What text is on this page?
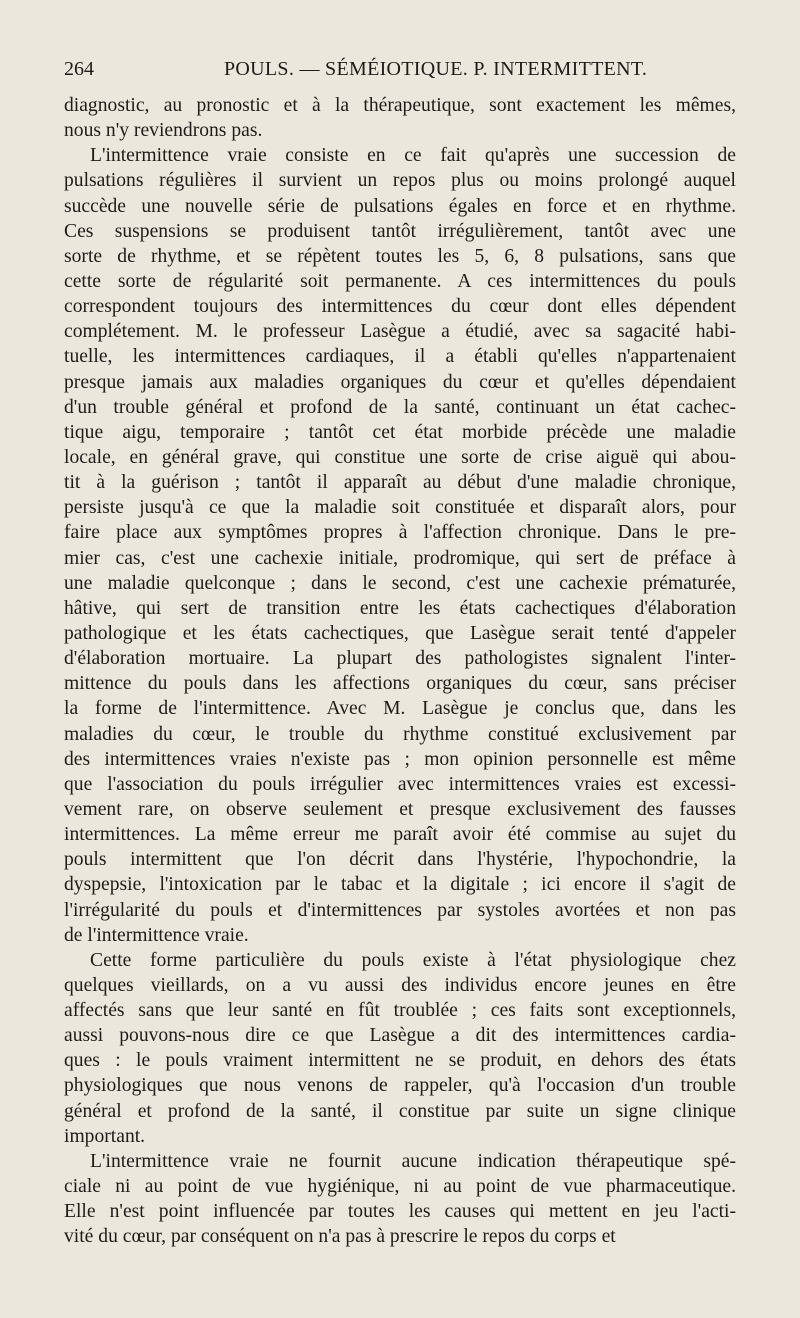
264	POULS. — SÉMÉIOTIQUE. P. INTERMITTENT.
diagnostic, au pronostic et à la thérapeutique, sont exactement les mêmes,
nous n'y reviendrons pas.
L'intermittence vraie consiste en ce fait qu'après une succession de
pulsations régulières il survient un repos plus ou moins prolongé auquel
succède une nouvelle série de pulsations égales en force et en rhythme.
Ces suspensions se produisent tantôt irrégulièrement, tantôt avec une
sorte de rhythme, et se répètent toutes les 5, 6, 8 pulsations, sans que
cette sorte de régularité soit permanente. A ces intermittences du pouls
correspondent toujours des intermittences du cœur dont elles dépendent
complétement. M. le professeur Lasègue a étudié, avec sa sagacité habi-
tuelle, les intermittences cardiaques, il a établi qu'elles n'appartenaient
presque jamais aux maladies organiques du cœur et qu'elles dépendaient
d'un trouble général et profond de la santé, continuant un état cachec-
tique aigu, temporaire ; tantôt cet état morbide précède une maladie
locale, en général grave, qui constitue une sorte de crise aiguë qui abou-
tit à la guérison ; tantôt il apparaît au début d'une maladie chronique,
persiste jusqu'à ce que la maladie soit constituée et disparaît alors, pour
faire place aux symptômes propres à l'affection chronique. Dans le pre-
mier cas, c'est une cachexie initiale, prodromique, qui sert de préface à
une maladie quelconque ; dans le second, c'est une cachexie prématurée,
hâtive, qui sert de transition entre les états cachectiques d'élaboration
pathologique et les états cachectiques, que Lasègue serait tenté d'appeler
d'élaboration mortuaire. La plupart des pathologistes signalent l'inter-
mittence du pouls dans les affections organiques du cœur, sans préciser
la forme de l'intermittence. Avec M. Lasègue je conclus que, dans les
maladies du cœur, le trouble du rhythme constitué exclusivement par
des intermittences vraies n'existe pas ; mon opinion personnelle est même
que l'association du pouls irrégulier avec intermittences vraies est excessi-
vement rare, on observe seulement et presque exclusivement des fausses
intermittences. La même erreur me paraît avoir été commise au sujet du
pouls intermittent que l'on décrit dans l'hystérie, l'hypochondrie, la
dyspepsie, l'intoxication par le tabac et la digitale ; ici encore il s'agit de
l'irrégularité du pouls et d'intermittences par systoles avortées et non pas
de l'intermittence vraie.
Cette forme particulière du pouls existe à l'état physiologique chez
quelques vieillards, on a vu aussi des individus encore jeunes en être
affectés sans que leur santé en fût troublée ; ces faits sont exceptionnels,
aussi pouvons-nous dire ce que Lasègue a dit des intermittences cardia-
ques : le pouls vraiment intermittent ne se produit, en dehors des états
physiologiques que nous venons de rappeler, qu'à l'occasion d'un trouble
général et profond de la santé, il constitue par suite un signe clinique
important.
L'intermittence vraie ne fournit aucune indication thérapeutique spé-
ciale ni au point de vue hygiénique, ni au point de vue pharmaceutique.
Elle n'est point influencée par toutes les causes qui mettent en jeu l'acti-
vité du cœur, par conséquent on n'a pas à prescrire le repos du corps et
